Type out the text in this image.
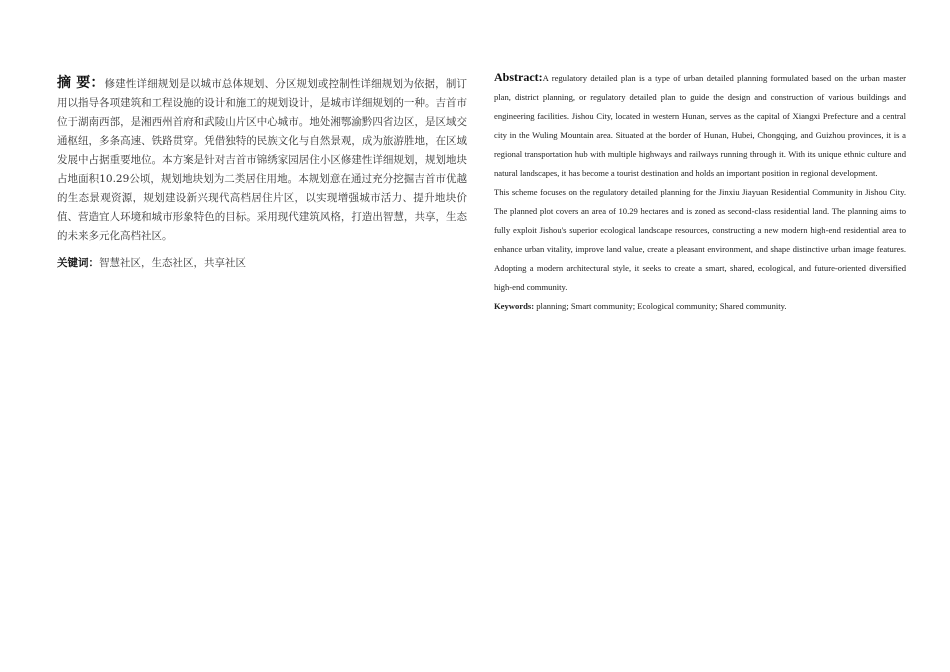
摘 要：修建性详细规划是以城市总体规划、分区规划或控制性详细规划为依据，制订用以指导各项建筑和工程设施的设计和施工的规划设计，是城市详细规划的一种。吉首市位于湖南西部，是湘西州首府和武陵山片区中心城市。地处湘鄂渝黔四省边区，是区域交通枢纽，多条高速、铁路贯穿。凭借独特的民族文化与自然景观，成为旅游胜地，在区域发展中占据重要地位。本方案是针对吉首市锦绣家园居住小区修建性详细规划，规划地块占地面积10.29公顷，规划地块划为二类居住用地。本规划意在通过充分挖掘吉首市优越的生态景观资源，规划建设新兴现代高档居住片区，以实现增强城市活力、提升地块价值、营造宜人环境和城市形象特色的目标。采用现代建筑风格，打造出智慧，共享，生态的未来多元化高档社区。

关键词：智慧社区，生态社区，共享社区

Abstract:A regulatory detailed plan is a type of urban detailed planning formulated based on the urban master plan, district planning, or regulatory detailed plan to guide the design and construction of various buildings and engineering facilities. Jishou City, located in western Hunan, serves as the capital of Xiangxi Prefecture and a central city in the Wuling Mountain area. Situated at the border of Hunan, Hubei, Chongqing, and Guizhou provinces, it is a regional transportation hub with multiple highways and railways running through it. With its unique ethnic culture and natural landscapes, it has become a tourist destination and holds an important position in regional development.

This scheme focuses on the regulatory detailed planning for the Jinxiu Jiayuan Residential Community in Jishou City. The planned plot covers an area of 10.29 hectares and is zoned as second-class residential land. The planning aims to fully exploit Jishou's superior ecological landscape resources, constructing a new modern high-end residential area to enhance urban vitality, improve land value, create a pleasant environment, and shape distinctive urban image features. Adopting a modern architectural style, it seeks to create a smart, shared, ecological, and future-oriented diversified high-end community.

Keywords: planning; Smart community; Ecological community; Shared community.
